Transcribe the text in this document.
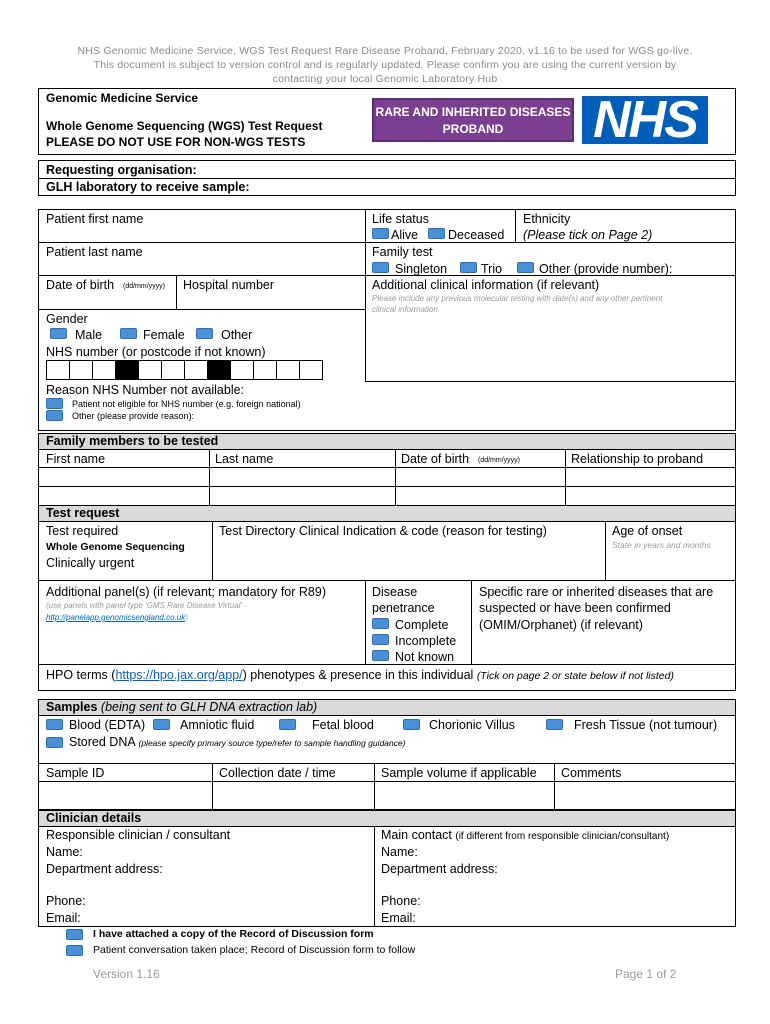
NHS Genomic Medicine Service, WGS Test Request Rare Disease Proband, February 2020, v1.16 to be used for WGS go-live.
This document is subject to version control and is regularly updated. Please confirm you are using the current version by
contacting your local Genomic Laboratory Hub
Genomic Medicine Service
Whole Genome Sequencing (WGS) Test Request
PLEASE DO NOT USE FOR NON-WGS TESTS
RARE AND INHERITED DISEASES
PROBAND	NHS
Requesting organisation:
GLH laboratory to receive sample:
Patient first name
Patient last name
Date of birth (dd/mm/yyyy) Hospital number
Gender
Male	Female	Other
NHS number (or postcode if not known)
Life status
Alive Deceased
Ethnicity
(Please tick on Page 2)
Family test
Singleton	Trio	Other (provide number):
Additional clinical information (if relevant)
Please include any previous molecular testing with date(s) and any other pertinent
clinical information
Reason NHS Number not available:
Patient not eligible for NHS number (e.g. foreign national)
Other (please provide reason):
Family members to be tested
First name	Last name	Date of birth (dd/mm/yyyy)	Relationship to proband
Test request
Test required
Whole Genome Sequencing
Clinically urgent
Test Directory Clinical Indication & code (reason for testing)	Age of onset
State in years and months
Additional panel(s) (if relevant; mandatory for R89)
(use panels with panel type 'GMS Rare Disease Virtual' -
http://panelapp.genomicsengland.co.uk)
Disease
penetrance
Complete
Incomplete
Not known
Specific rare or inherited diseases that are
suspected or have been confirmed
(OMIM/Orphanet) (if relevant)
HPO terms (https://hpo.jax.org/app/) phenotypes & presence in this individual (Tick on page 2 or state below if not listed)
Samples (being sent to GLH DNA extraction lab)
Blood (EDTA)	Amniotic fluid	Fetal blood	Chorionic Villus	Fresh Tissue (not tumour)
Stored DNA (please specify primary source type/refer to sample handling guidance)
Sample ID	Collection date / time	Sample volume if applicable Comments
Clinician details
Responsible clinician / consultant
Name:
Department address:
Phone:
Email:
Main contact (if different from responsible clinician/consultant)
Name:
Department address:
Phone:
Email:
I have attached a copy of the Record of Discussion form
Patient conversation taken place; Record of Discussion form to follow
Version 1.16	Page 1 of 2
